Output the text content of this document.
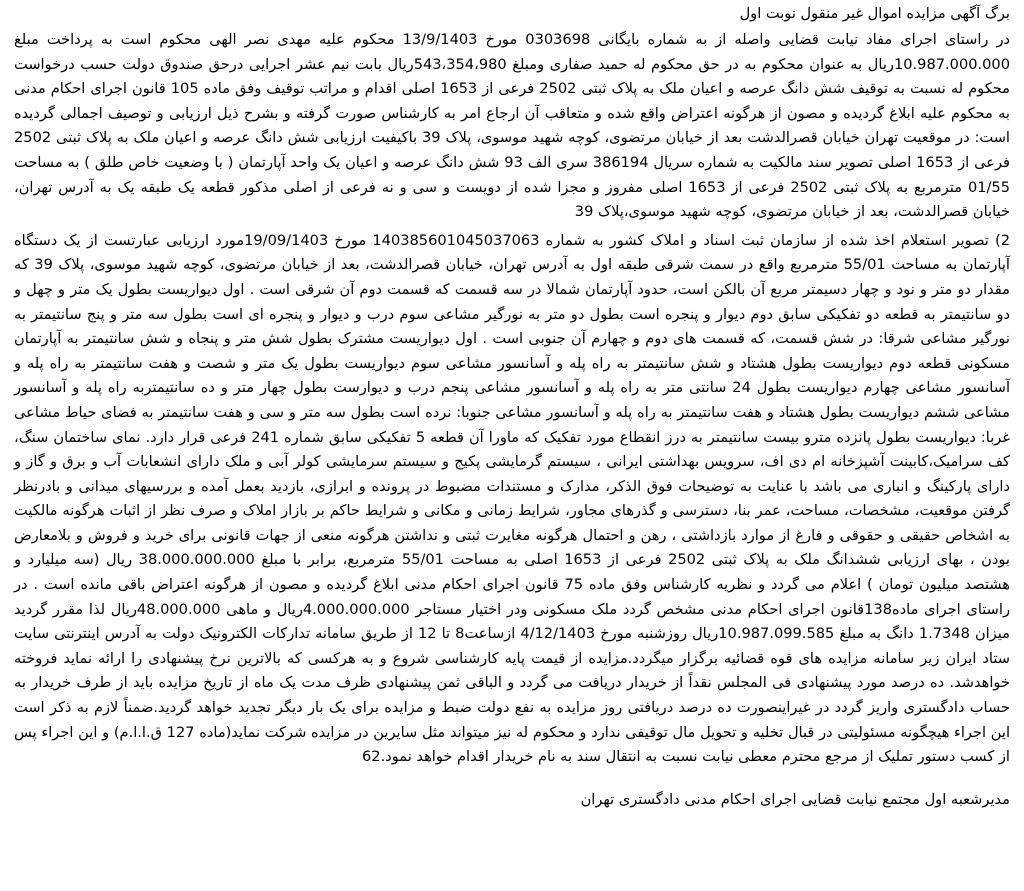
برگ آگهی مزایده اموال غیر منقول نوبت اول

در راستای اجرای مفاد نیابت قضایی واصله از به شماره بایگانی 0303698 مورخ 13/9/1403 محکوم علیه مهدی نصر الهی محکوم است به پرداخت مبلغ 10.987.000.000ریال به عنوان محکوم به در حق محکوم له حمید صفاری ومبلغ 543،354،980ریال بابت نیم عشر اجرایی درحق صندوق دولت حسب درخواست محکوم له نسبت به توقیف شش دانگ عرصه و اعیان ملک به پلاک ثبتی 2502 فرعی از 1653 اصلی اقدام و مراتب توقیف وفق ماده 105 قانون اجرای احکام مدنی به محکوم علیه ابلاغ گردیده و مصون از هرگونه اعتراض واقع شده و متعاقب آن ارجاع امر به کارشناس صورت گرفته و بشرح ذیل ارزیابی و توصیف اجمالی گردیده است: در موقعیت تهران خیابان قصرالدشت بعد از خیابان مرتضوی، کوچه شهید موسوی، پلاک 39 باکیفیت ارزیابی شش دانگ عرصه و اعیان ملک به پلاک ثبتی 2502 فرعی از 1653 اصلی تصویر سند مالکیت به شماره سریال 386194 سری الف 93 شش دانگ عرصه و اعیان یک واحد آپارتمان ( با وضعیت خاص طلق ) به مساحت 01/55 مترمربع به پلاک ثبتی 2502 فرعی از 1653 اصلی مفروز و مجزا شده از دویست و سی و نه فرعی از اصلی مذکور قطعه یک طبقه یک به آدرس تهران، خیابان قصرالدشت، بعد از خیابان مرتضوی، کوچه شهید موسوی،پلاک 39

2) تصویر استعلام اخذ شده از سازمان ثبت اسناد و املاک کشور به شماره 140385601045037063 مورخ 19/09/1403مورد ارزیابی عبارتست از یک دستگاه آپارتمان به مساحت 55/01 مترمربع واقع در سمت شرقی طبقه اول به آدرس تهران، خیابان قصرالدشت، بعد از خیابان مرتضوی، کوچه شهید موسوی، پلاک 39 که مقدار دو متر و نود و چهار دسیمتر مربع آن بالکن است، حدود آپارتمان شمالا در سه قسمت که قسمت دوم آن شرقی است . اول دیواریست بطول یک متر و چهل و دو سانتیمتر به قطعه دو تفکیکی سابق دوم دیوار و پنجره است بطول دو متر به نورگیر مشاعی سوم درب و دیوار و پنجره ای است بطول سه متر و پنج سانتیمتر به نورگیر مشاعی شرقا: در شش قسمت، که قسمت های دوم و چهارم آن جنوبی است . اول دیواریست مشترک بطول شش متر و پنجاه و شش سانتیمتر به آپارتمان مسکونی قطعه دوم دیواریست بطول هشتاد و شش سانتیمتر به راه پله و آسانسور مشاعی سوم دیواریست بطول یک متر و شصت و هفت سانتیمتر به راه پله و آسانسور مشاعی چهارم دیواریست بطول 24 سانتی متر به راه پله و آسانسور مشاعی پنجم درب و دیوارست بطول چهار متر و ده سانتیمتربه راه پله و آسانسور مشاعی ششم دیواریست بطول هشتاد و هفت سانتیمتر به راه پله و آسانسور مشاعی جنوبا: نرده است بطول سه متر و سی و هفت سانتیمتر به فضای حیاط مشاعی غربا: دیواریست بطول پانزده مترو بیست سانتیمتر به درز انقطاع مورد تفکیک که ماورا آن قطعه 5 تفکیکی سابق شماره 241 فرعی قرار دارد. نمای ساختمان سنگ، کف سرامیک،کابینت آشپزخانه ام دی اف، سرویس بهداشتی ایرانی ، سیستم گرمایشی پکیج و سیستم سرمایشی کولر آبی و ملک دارای انشعابات آب و برق و گاز و دارای پارکینگ و انباری می باشد با عنایت به توضیحات فوق الذکر، مدارک و مستندات مضبوط در پرونده و ابرازی، بازدید بعمل آمده و بررسیهای میدانی و بادرنظر گرفتن موقعیت، مشخصات، مساحت، عمر بنا، دسترسی و گذرهای مجاور، شرایط زمانی و مکانی و شرایط حاکم بر بازار املاک و صرف نظر از اثبات هرگونه مالکیت به اشخاص حقیقی و حقوقی و فارغ از موارد بازداشتی ، رهن و احتمال هرگونه مغایرت ثبتی و نداشتن هرگونه منعی از جهات قانونی برای خرید و فروش و بلامعارض بودن ، بهای ارزیابی ششدانگ ملک به پلاک ثبتی 2502 فرعی از 1653 اصلی به مساحت 55/01 مترمربع، برابر با مبلغ 38.000.000.000 ریال (سه میلیارد و هشتصد میلیون تومان ) اعلام می گردد و نظریه کارشناس وفق ماده 75 قانون اجرای احکام مدنی ابلاغ گردیده و مصون از هرگونه اعتراض باقی مانده است . در راستای اجرای ماده138قانون اجرای احکام مدنی مشخص گردد ملک مسکونی ودر اختیار مستاجر 4.000.000.000ریال و ماهی 48.000.000ریال لذا مقرر گردید میزان 1.7348 دانگ به مبلغ 10.987.099.585ریال روزشنبه مورخ 4/12/1403 ازساعت8 تا 12 از طریق سامانه تدارکات الکترونیک دولت به آدرس اینترنتی سایت ستاد ایران زیر سامانه مزایده های قوه قضائیه برگزار میگردد.مزایده از قیمت پایه کارشناسی شروع و به هرکسی که بالاترین نرخ پیشنهادی را ارائه نماید فروخته خواهدشد. ده درصد مورد پیشنهادی فی المجلس نقداً از خریدار دریافت می گردد و الباقی ثمن پیشنهادی ظرف مدت یک ماه از تاریخ مزایده باید از طرف خریدار به حساب دادگستری واریز گردد در غیراینصورت ده درصد دریافتی روز مزایده به نفع دولت ضبط و مزایده برای یک بار دیگر تجدید خواهد گردید.ضمناً لازم به ذکر است این اجراء هیچگونه مسئولیتی در قبال تخلیه و تحویل مال توقیفی ندارد و محکوم له نیز میتواند مثل سایرین در مزایده شرکت نماید(ماده 127 ق.ا.ا.م) و این اجراء پس از کسب دستور تملیک از مرجع محترم معطی نیابت نسبت به انتقال سند به نام خریدار اقدام خواهد نمود.62

مدیرشعبه اول مجتمع نیابت قضایی اجرای احکام مدنی دادگستری تهران
